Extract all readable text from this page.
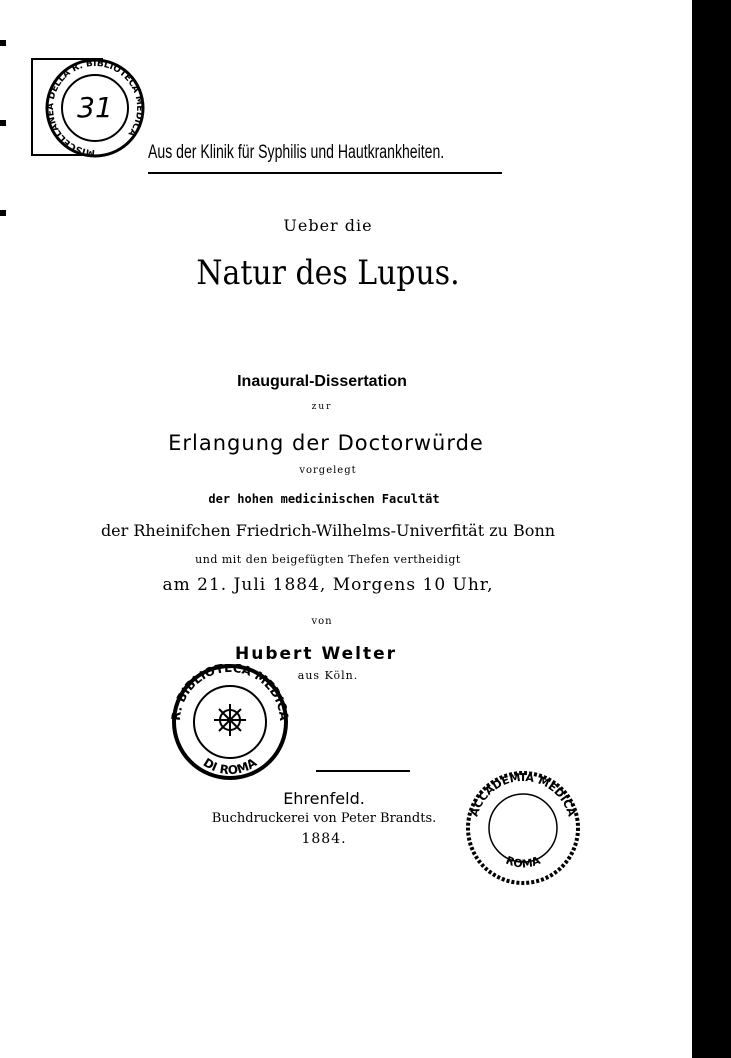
MISCELLANEA DELLA R. BIBLIOTECA MEDICA
31
Aus der Klinik für Syphilis und Hautkrankheiten.
Ueber die
Natur des Lupus.
Inaugural-Dissertation
zur
Erlangung der Doctorwürde
vorgelegt
der hohen medicinischen Facultät
der Rheinifchen Friedrich-Wilhelms-Univerfität zu Bonn
und mit den beigefügten Thefen vertheidigt
am 21. Juli 1884, Morgens 10 Uhr,
von
Hubert Welter
aus Köln.
R. BIBLIOTECA MEDICA
DI ROMA
Ehrenfeld.
Buchdruckerei von Peter Brandts.
1884.
ACCADEMIA MEDICA
ROMA
